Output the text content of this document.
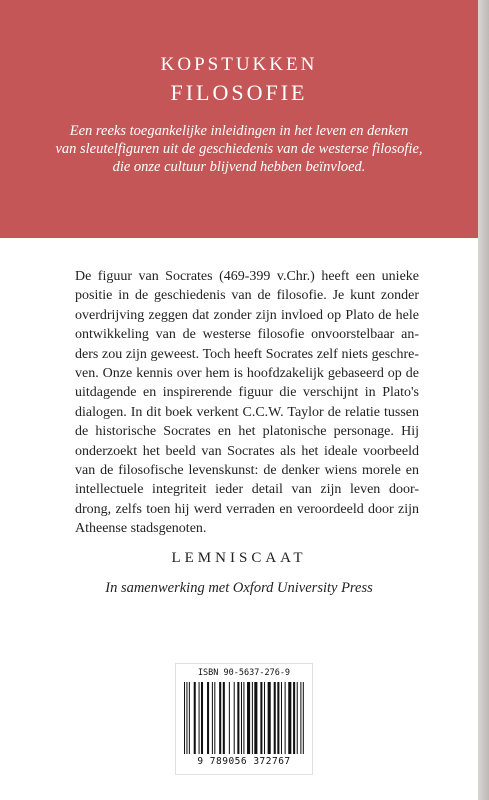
KOPSTUKKEN
FILOSOFIE
Een reeks toegankelijke inleidingen in het leven en denken
van sleutelfiguren uit de geschiedenis van de westerse filosofie,
die onze cultuur blijvend hebben beïnvloed.

De figuur van Socrates (469-399 v.Chr.) heeft een unieke
positie in de geschiedenis van de filosofie. Je kunt zonder
overdrijving zeggen dat zonder zijn invloed op Plato de hele
ontwikkeling van de westerse filosofie onvoorstelbaar an-
ders zou zijn geweest. Toch heeft Socrates zelf niets geschre-
ven. Onze kennis over hem is hoofdzakelijk gebaseerd op de
uitdagende en inspirerende figuur die verschijnt in Plato's
dialogen. In dit boek verkent C.C.W. Taylor de relatie tussen
de historische Socrates en het platonische personage. Hij
onderzoekt het beeld van Socrates als het ideale voorbeeld
van de filosofische levenskunst: de denker wiens morele en
intellectuele integriteit ieder detail van zijn leven door-
drong, zelfs toen hij werd verraden en veroordeeld door zijn
Atheense stadsgenoten.

LEMNISCAAT
In samenwerking met Oxford University Press
ISBN 90-5637-276-9
9 789056 372767
